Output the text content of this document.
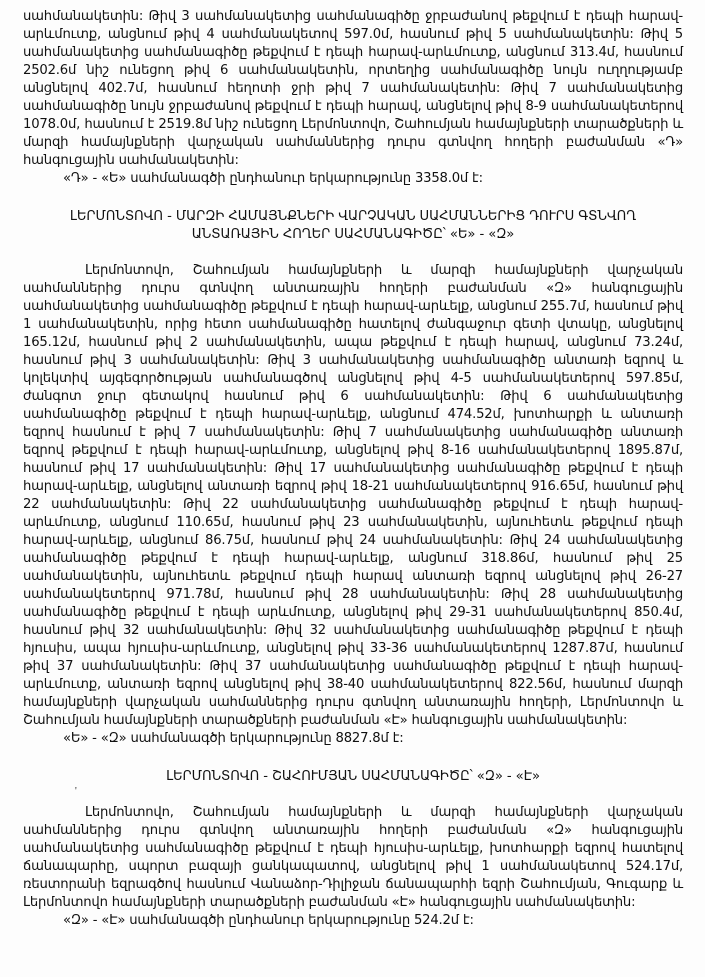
սահմանակետին: Թիվ 3 սահմանակետից սահմանագիծը ջրբաժանով թեքվում է դեպի հարավ-արևմուտք, անցնում թիվ 4 սահմանակետով 597.0մ, հասնում թիվ 5 սահմանակետին: Թիվ 5 սահմանակետից սահմանագիծը թեքվում է դեպի հարավ-արևմուտք, անցնում 313.4մ, հասնում 2502.6մ նիշ ունեցող թիվ 6 սահմանակետին, որտեղից սահմանագիծը նույն ուղղությամբ անցնելով 402.7մ, հասնում հեղոտի ջրի թիվ 7 սահմանակետին: Թիվ 7 սահմանակետից սահմանագիծը նույն ջրբաժանով թեքվում է դեպի հարավ, անցնելով թիվ 8-9 սահմանակետերով 1078.0մ, հասնում է 2519.8մ նիշ ունեցող Լերմոնտովո, Շահումյան համայնքների տարածքների և մարզի համայնքների վարչական սահմաններից դուրս գտնվող հողերի բաժանման «Դ» հանգուցային սահմանակետին:

«Դ» - «Ե» սահմանագծի ընդհանուր երկարությունը 3358.0մ է:

ԼԵՐՄՈՆՏՈՎՈ - ՄԱՐԶԻ ՀԱՄԱՅՆՔՆԵՐԻ ՎԱՐՉԱԿԱՆ ՍԱՀՄԱՆՆԵՐԻՑ ԴՈՒՐՍ ԳՏՆՎՈՂ

ԱՆՏԱՌԱՅԻՆ ՀՈՂԵՐ ՍԱՀՄԱՆԱԳԻԾԸ՝ «Ե» - «Զ»

Լերմոնտովո, Շահումյան համայնքների և մարզի համայնքների վարչական սահմաններից դուրս գտնվող անտառային հողերի բաժանման «Զ» հանգուցային սահմանակետից սահմանագիծը թեքվում է դեպի հարավ-արևելք, անցնում 255.7մ, հասնում թիվ 1 սահմանակետին, որից հետո սահմանագիծը հատելով ժանգաջուր գետի վտակը, անցնելով 165.12մ, հասնում թիվ 2 սահմանակետին, ապա թեքվում է դեպի հարավ, անցնում 73.24մ, հասնում թիվ 3 սահմանակետին: Թիվ 3 սահմանակետից սահմանագիծը անտառի եզրով և կոլեկտիվ այգեգործության սահմանագծով անցնելով թիվ 4-5 սահմանակետերով 597.85մ, ժանգոտ ջուր գետակով հասնում թիվ 6 սահմանակետին: Թիվ 6 սահմանակետից սահմանագիծը թեքվում է դեպի հարավ-արևելք, անցնում 474.52մ, խոտհարքի և անտառի եզրով հասնում է թիվ 7 սահմանակետին: Թիվ 7 սահմանակետից սահմանագիծը անտառի եզրով թեքվում է դեպի հարավ-արևմուտք, անցնելով թիվ 8-16 սահմանակետերով 1895.87մ, հասնում թիվ 17 սահմանակետին: Թիվ 17 սահմանակետից սահմանագիծը թեքվում է դեպի հարավ-արևելք, անցնելով անտառի եզրով թիվ 18-21 սահմանակետերով 916.65մ, հասնում թիվ 22 սահմանակետին: Թիվ 22 սահմանակետից սահմանագիծը թեքվում է դեպի հարավ-արևմուտք, անցնում 110.65մ, հասնում թիվ 23 սահմանակետին, այնուհետև թեքվում դեպի հարավ-արևելք, անցնում 86.75մ, հասնում թիվ 24 սահմանակետին: Թիվ 24 սահմանակետից սահմանագիծը թեքվում է դեպի հարավ-արևելք, անցնում 318.86մ, հասնում թիվ 25 սահմանակետին, այնուհետև թեքվում դեպի հարավ անտառի եզրով անցնելով թիվ 26-27 սահմանակետերով 971.78մ, հասնում թիվ 28 սահմանակետին: Թիվ 28 սահմանակետից սահմանագիծը թեքվում է դեպի արևմուտք, անցնելով թիվ 29-31 սահմանակետերով 850.4մ, հասնում թիվ 32 սահմանակետին: Թիվ 32 սահմանակետից սահմանագիծը թեքվում է դեպի հյուսիս, ապա հյուսիս-արևմուտք, անցնելով թիվ 33-36 սահմանակետերով 1287.87մ, հասնում թիվ 37 սահմանակետին: Թիվ 37 սահմանակետից սահմանագիծը թեքվում է դեպի հարավ-արևմուտք, անտառի եզրով անցնելով թիվ 38-40 սահմանակետերով 822.56մ, հասնում մարզի համայնքների վարչական սահմաններից դուրս գտնվող անտառային հողերի, Լերմոնտովո և Շահումյան համայնքների տարածքների բաժանման «Է» հանգուցային սահմանակետին:

«Ե» - «Զ» սահմանագծի երկարությունը 8827.8մ է:

ԼԵՐՄՈՆՏՈՎՈ - ՇԱՀՈՒՄՅԱՆ ՍԱՀՄԱՆԱԳԻԾԸ՝ «Զ» - «Է»

Լերմոնտովո, Շահումյան համայնքների և մարզի համայնքների վարչական սահմաններից դուրս գտնվող անտառային հողերի բաժանման «Զ» հանգուցային սահմանակետից սահմանագիծը թեքվում է դեպի հյուսիս-արևելք, խոտհարքի եզրով հատելով ճանապարհը, սպորտ բազայի ցանկապատով, անցնելով թիվ 1 սահմանակետով 524.17մ, ռեստորանի եզրագծով հասնում Վանաձոր-Դիլիջան ճանապարհի եզրի Շահումյան, Գուգարք և Լերմոնտովո համայնքների տարածքների բաժանման «Է» հանգուցային սահմանակետին:

«Զ» - «Է» սահմանագծի ընդհանուր երկարությունը 524.2մ է:

'
